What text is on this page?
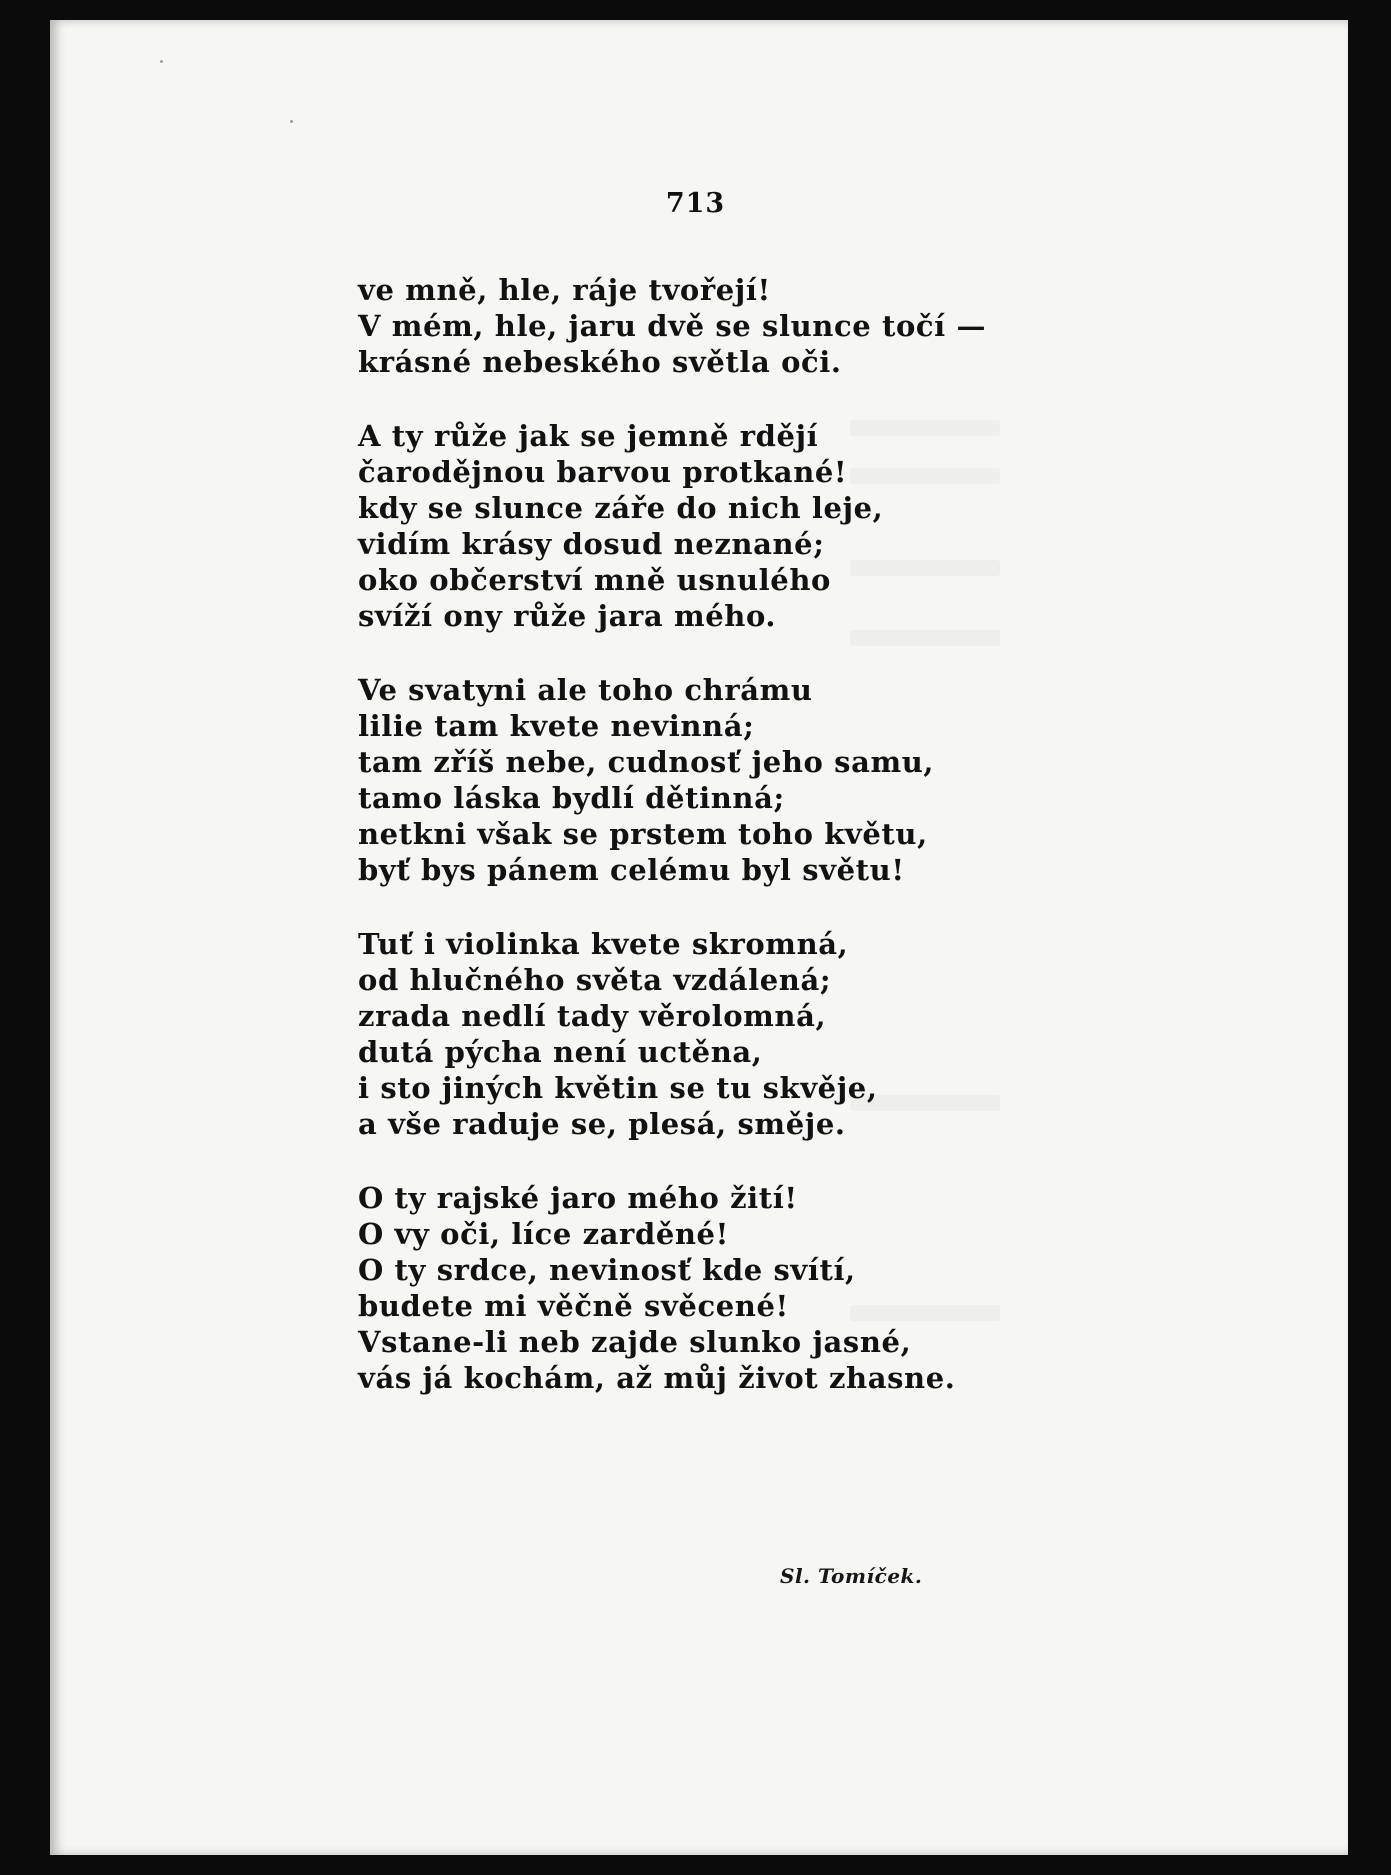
713
ve mně, hle, ráje tvořejí!
V mém, hle, jaru dvě se slunce točí —
krásné nebeského světla oči.
A ty růže jak se jemně rdějí
čarodějnou barvou protkané!
kdy se slunce záře do nich leje,
vidím krásy dosud neznané;
oko občerství mně usnulého
svíží ony růže jara mého.
Ve svatyni ale toho chrámu
lilie tam kvete nevinná;
tam zříš nebe, cudnosť jeho samu,
tamo láska bydlí dětinná;
netkni však se prstem toho květu,
byť bys pánem celému byl světu!
Tuť i violinka kvete skromná,
od hlučného světa vzdálená;
zrada nedlí tady věrolomná,
dutá pýcha není uctěna,
i sto jiných květin se tu skvěje,
a vše raduje se, plesá, směje.
O ty rajské jaro mého žití!
O vy oči, líce zarděné!
O ty srdce, nevinosť kde svítí,
budete mi věčně svěcené!
Vstane-li neb zajde slunko jasné,
vás já kochám, až můj život zhasne.
Sl. Tomíček.
